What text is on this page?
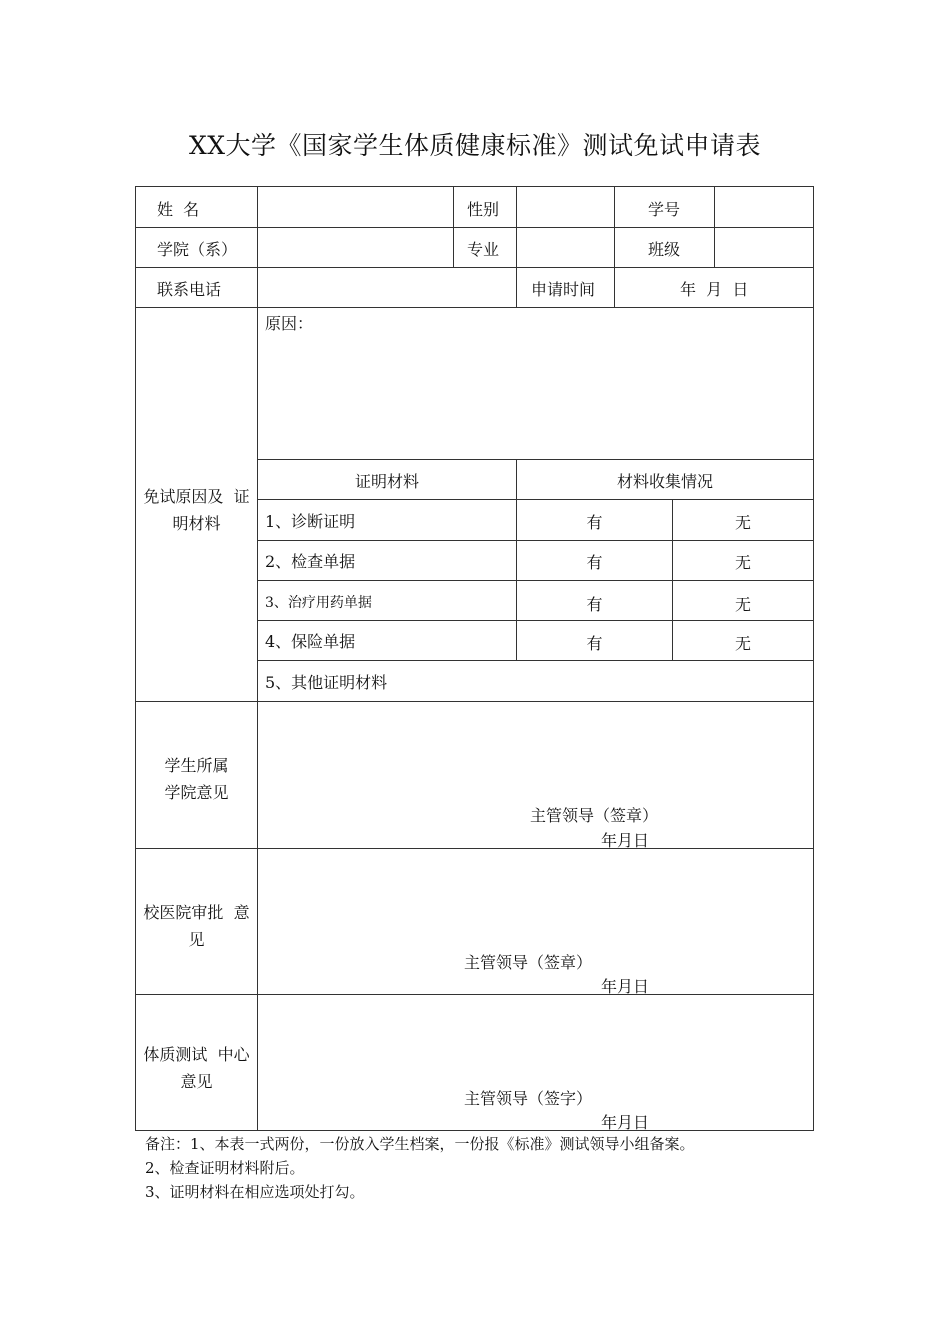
XX大学《国家学生体质健康标准》测试免试申请表
姓  名	性别	学号
学院（系）	专业	班级
联系电话	申请时间	年  月  日
免试原因及  证
明材料
原因：
证明材料	材料收集情况
1、诊断证明	有	无
2、检查单据	有	无
3、治疗用药单据	有	无
4、保险单据	有	无
5、其他证明材料
学生所属
学院意见
主管领导（签章）
年月日
校医院审批  意
见
主管领导（签章）
年月日
体质测试  中心
意见
主管领导（签字）
年月日
备注：1、本表一式两份，一份放入学生档案，一份报《标准》测试领导小组备案。
2、检查证明材料附后。
3、证明材料在相应选项处打勾。
